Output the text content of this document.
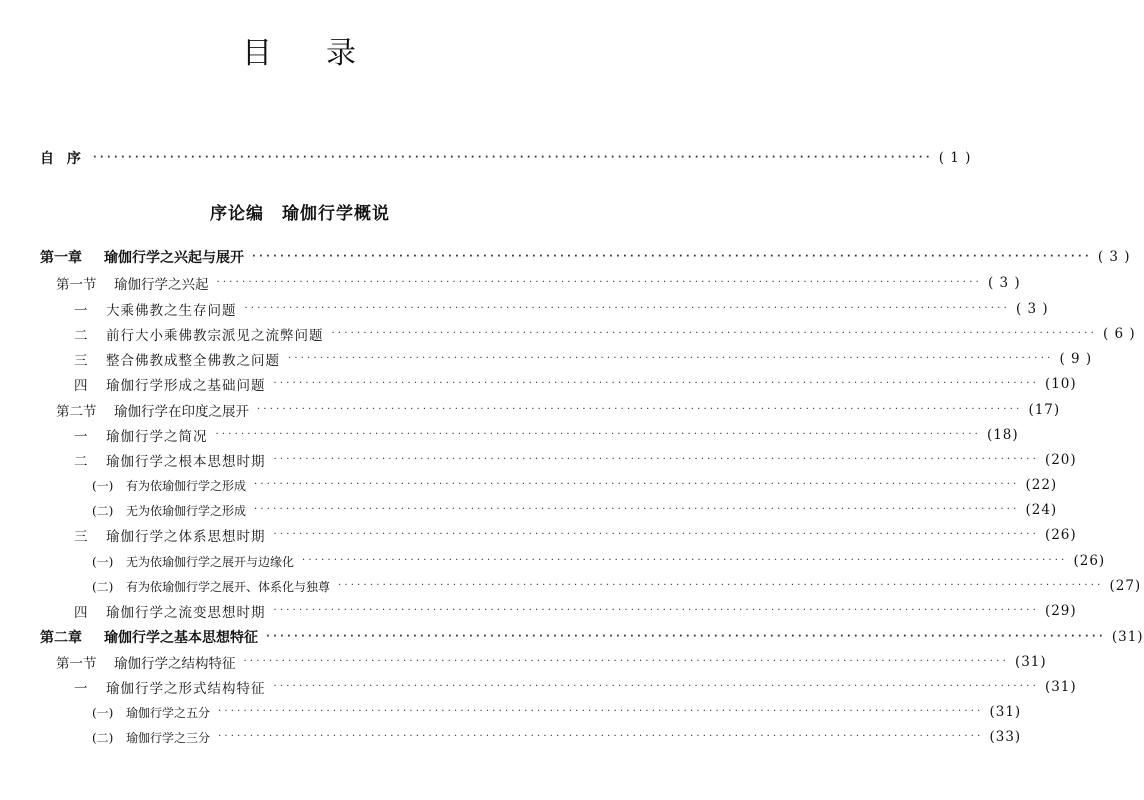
目 录
序论编 瑜伽行学概说
自 序 ························································································································ ( 1 )
第一章	瑜伽行学之兴起与展开 ························································································································ ( 3 )
第一节	瑜伽行学之兴起 ························································································································ ( 3 )
一	大乘佛教之生存问题 ························································································································ ( 3 )
二	前行大小乘佛教宗派见之流弊问题 ························································································································ ( 6 )
三	整合佛教成整全佛教之问题 ························································································································ ( 9 )
四	瑜伽行学形成之基础问题 ························································································································ (10)
第二节	瑜伽行学在印度之展开 ························································································································ (17)
一	瑜伽行学之简况 ························································································································ (18)
二	瑜伽行学之根本思想时期 ························································································································ (20)
(一)	有为依瑜伽行学之形成 ························································································································ (22)
(二)	无为依瑜伽行学之形成 ························································································································ (24)
三	瑜伽行学之体系思想时期 ························································································································ (26)
(一)	无为依瑜伽行学之展开与边缘化 ························································································································ (26)
(二)	有为依瑜伽行学之展开、体系化与独尊 ························································································································ (27)
四	瑜伽行学之流变思想时期 ························································································································ (29)
第二章	瑜伽行学之基本思想特征 ························································································································ (31)
第一节	瑜伽行学之结构特征 ························································································································ (31)
一	瑜伽行学之形式结构特征 ························································································································ (31)
(一)	瑜伽行学之五分 ························································································································ (31)
(二)	瑜伽行学之三分 ························································································································ (33)
